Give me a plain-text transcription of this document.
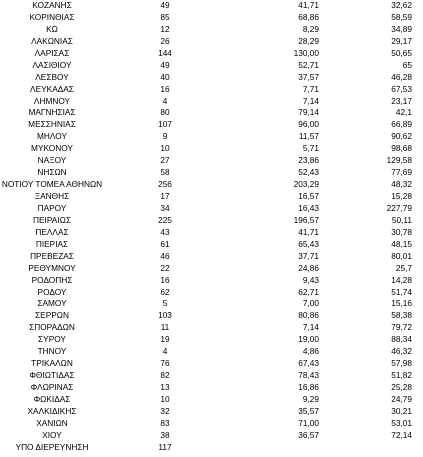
ΚΟΖΑΝΗΣ	49	41,71	32,62
ΚΟΡΙΝΘΙΑΣ	85	68,86	58,59
ΚΩ	12	8,29	34,89
ΛΑΚΩΝΙΑΣ	26	28,29	29,17
ΛΑΡΙΣΑΣ	144	130,00	50,65
ΛΑΣΙΘΙΟΥ	49	52,71	65
ΛΕΣΒΟΥ	40	37,57	46,28
ΛΕΥΚΑΔΑΣ	16	7,71	67,53
ΛΗΜΝΟΥ	4	7,14	23,17
ΜΑΓΝΗΣΙΑΣ	80	79,14	42,1
ΜΕΣΣΗΝΙΑΣ	107	96,00	66,89
ΜΗΛΟΥ	9	11,57	90,62
ΜΥΚΟΝΟΥ	10	5,71	98,68
ΝΑΞΟΥ	27	23,86	129,58
ΝΗΣΩΝ	58	52,43	77,69
ΝΟΤΙΟΥ ΤΟΜΕΑ ΑΘΗΝΩΝ	256	203,29	48,32
ΞΑΝΘΗΣ	17	16,57	15,28
ΠΑΡΟΥ	34	16,43	227,79
ΠΕΙΡΑΙΩΣ	225	196,57	50,11
ΠΕΛΛΑΣ	43	41,71	30,78
ΠΙΕΡΙΑΣ	61	65,43	48,15
ΠΡΕΒΕΖΑΣ	46	37,71	80,01
ΡΕΘΥΜΝΟΥ	22	24,86	25,7
ΡΟΔΟΠΗΣ	16	9,43	14,28
ΡΟΔΟΥ	62	62,71	51,74
ΣΑΜΟΥ	5	7,00	15,16
ΣΕΡΡΩΝ	103	80,86	58,38
ΣΠΟΡΑΔΩΝ	11	7,14	79,72
ΣΥΡΟΥ	19	19,00	88,34
ΤΗΝΟΥ	4	4,86	46,32
ΤΡΙΚΑΛΩΝ	76	67,43	57,98
ΦΘΙΩΤΙΔΑΣ	82	78,43	51,82
ΦΛΩΡΙΝΑΣ	13	16,86	25,28
ΦΩΚΙΔΑΣ	10	9,29	24,79
ΧΑΛΚΙΔΙΚΗΣ	32	35,57	30,21
ΧΑΝΙΩΝ	83	71,00	53,01
ΧΙΟΥ	38	36,57	72,14
ΥΠΟ ΔΙΕΡΕΥΝΗΣΗ	117
